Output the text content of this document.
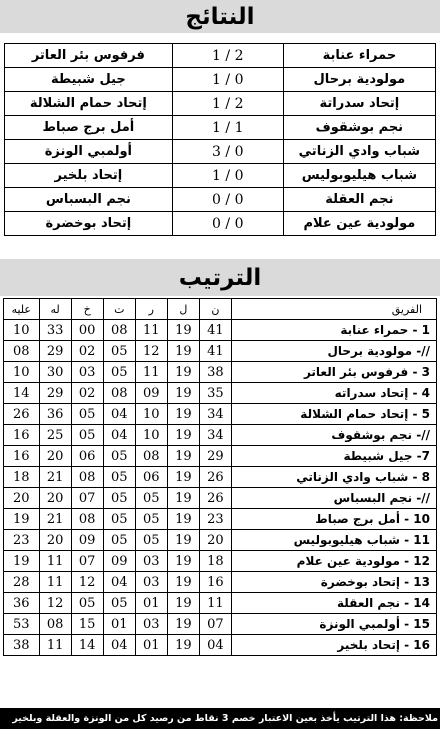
النتائج
حمراء عنابة	1 / 2	فرفوس بئر العاتر
مولودية برحال	1 / 0	جيل شبيطة
إتحاد سدراتة	1 / 2	إتحاد حمام الشلالة
نجم بوشقوف	1 / 1	أمل برج صباط
شباب وادي الزناتي	3 / 0	أولمبي الونزة
شباب هيليوبوليس	1 / 0	إتحاد بلخير
نجم العقلة	0 / 0	نجم البسباس
مولودية عين علام	0 / 0	إتحاد بوخضرة
الترتيب
الفريق	ن	ل	ر	ت	خ	له	عليه
1 - حمراء عنابة	41	19	11	08	00	33	10
//- مولودية برحال	41	19	12	05	02	29	08
3 - فرفوس بئر العاتر	38	19	11	05	03	30	10
4 - إتحاد سدراته	35	19	09	08	02	29	14
5 - إتحاد حمام الشلالة	34	19	10	04	05	36	26
//- نجم بوشقوف	34	19	10	04	05	25	16
7- جيل شبيطة	29	19	08	05	06	20	16
8 - شباب وادي الزناتي	26	19	06	05	08	21	18
//- نجم البسباس	26	19	05	05	07	20	20
10 - أمل برج صباط	23	19	05	05	08	21	19
11 - شباب هيليوبوليس	20	19	05	05	09	20	23
12 - مولودية عين علام	18	19	03	09	07	11	19
13 - إتحاد بوخضرة	16	19	03	04	12	11	28
14 - نجم العقلة	11	19	01	05	05	12	36
15 - أولمبي الونزة	07	19	03	01	15	08	53
16 - إتحاد بلخير	04	19	01	04	14	11	38
ملاحظة: هذا الترتيب يأخذ بعين الاعتبار خصم 3 نقاط من رصيد كل من الونزة والعقلة وبلخير
